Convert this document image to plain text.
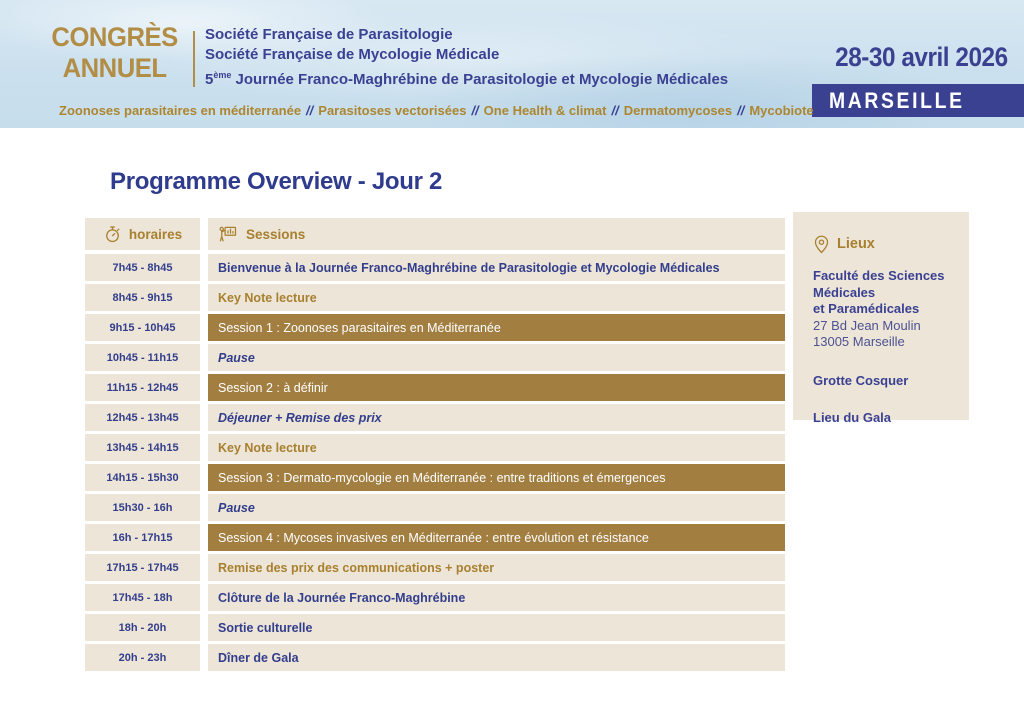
CONGRÈS
ANNUEL
Société Française de Parasitologie
Société Française de Mycologie Médicale
5ème Journée Franco-Maghrébine de Parasitologie et Mycologie Médicales
28-30 avril 2026
MARSEILLE
Zoonoses parasitaires en méditerranée // Parasitoses vectorisées // One Health & climat // Dermatomycoses // Mycobiote
Programme Overview - Jour 2
horaires	Sessions
7h45 - 8h45	Bienvenue à la Journée Franco-Maghrébine de Parasitologie et Mycologie Médicales
8h45 - 9h15	Key Note lecture
9h15 - 10h45	Session 1 : Zoonoses parasitaires en Méditerranée
10h45 - 11h15	Pause
11h15 - 12h45	Session 2 : à définir
12h45 - 13h45	Déjeuner + Remise des prix
13h45 - 14h15	Key Note lecture
14h15 - 15h30	Session 3 : Dermato-mycologie en Méditerranée : entre traditions et émergences
15h30 - 16h	Pause
16h - 17h15	Session 4 : Mycoses invasives en Méditerranée : entre évolution et résistance
17h15 - 17h45	Remise des prix des communications + poster
17h45 - 18h	Clôture de la Journée Franco-Maghrébine
18h - 20h	Sortie culturelle
20h - 23h	Dîner de Gala
Lieux
Faculté des Sciences
Médicales
et Paramédicales
27 Bd Jean Moulin
13005 Marseille
Grotte Cosquer
Lieu du Gala
